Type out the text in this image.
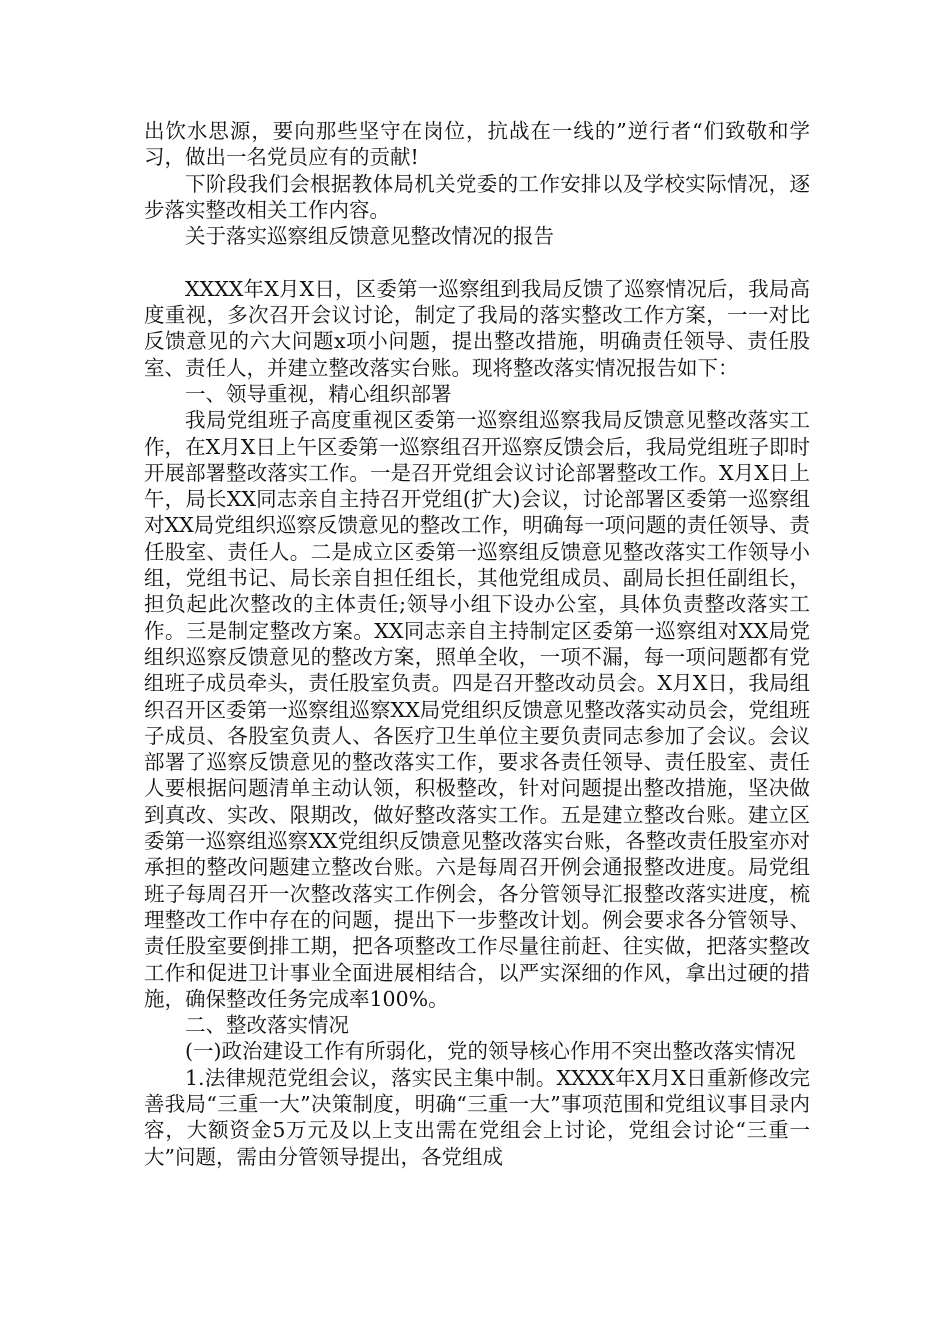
出饮水思源，要向那些坚守在岗位，抗战在一线的”逆行者“们致敬和学习，做出一名党员应有的贡献!

下阶段我们会根据教体局机关党委的工作安排以及学校实际情况，逐步落实整改相关工作内容。

关于落实巡察组反馈意见整改情况的报告

XXXX年X月X日，区委第一巡察组到我局反馈了巡察情况后，我局高度重视，多次召开会议讨论，制定了我局的落实整改工作方案，一一对比反馈意见的六大问题x项小问题，提出整改措施，明确责任领导、责任股室、责任人，并建立整改落实台账。现将整改落实情况报告如下：

一、领导重视，精心组织部署

我局党组班子高度重视区委第一巡察组巡察我局反馈意见整改落实工作，在X月X日上午区委第一巡察组召开巡察反馈会后，我局党组班子即时开展部署整改落实工作。一是召开党组会议讨论部署整改工作。X月X日上午，局长XX同志亲自主持召开党组(扩大)会议，讨论部署区委第一巡察组对XX局党组织巡察反馈意见的整改工作，明确每一项问题的责任领导、责任股室、责任人。二是成立区委第一巡察组反馈意见整改落实工作领导小组，党组书记、局长亲自担任组长，其他党组成员、副局长担任副组长，担负起此次整改的主体责任;领导小组下设办公室，具体负责整改落实工作。三是制定整改方案。XX同志亲自主持制定区委第一巡察组对XX局党组织巡察反馈意见的整改方案，照单全收，一项不漏，每一项问题都有党组班子成员牵头，责任股室负责。四是召开整改动员会。X月X日，我局组织召开区委第一巡察组巡察XX局党组织反馈意见整改落实动员会，党组班子成员、各股室负责人、各医疗卫生单位主要负责同志参加了会议。会议部署了巡察反馈意见的整改落实工作，要求各责任领导、责任股室、责任人要根据问题清单主动认领，积极整改，针对问题提出整改措施，坚决做到真改、实改、限期改，做好整改落实工作。五是建立整改台账。建立区委第一巡察组巡察XX党组织反馈意见整改落实台账，各整改责任股室亦对承担的整改问题建立整改台账。六是每周召开例会通报整改进度。局党组班子每周召开一次整改落实工作例会，各分管领导汇报整改落实进度，梳理整改工作中存在的问题，提出下一步整改计划。例会要求各分管领导、责任股室要倒排工期，把各项整改工作尽量往前赶、往实做，把落实整改工作和促进卫计事业全面进展相结合，以严实深细的作风，拿出过硬的措施，确保整改任务完成率100%。

二、整改落实情况

(一)政治建设工作有所弱化，党的领导核心作用不突出整改落实情况

1.法律规范党组会议，落实民主集中制。XXXX年X月X日重新修改完善我局“三重一大”决策制度，明确“三重一大”事项范围和党组议事目录内容，大额资金5万元及以上支出需在党组会上讨论，党组会讨论“三重一大”问题，需由分管领导提出，各党组成
